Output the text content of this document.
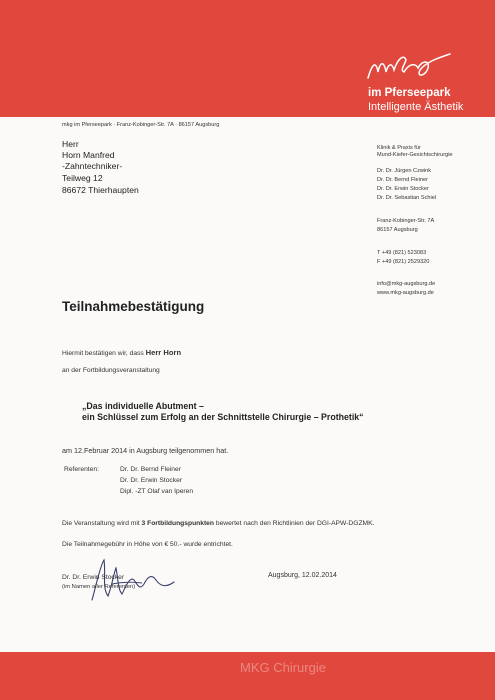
mkg
im Pferseepark
Intelligente Ästhetik
mkg im Pferseepark · Franz-Kobinger-Str. 7A · 86157 Augsburg
Herr
Horn Manfred
-Zahntechniker-
Teilweg 12
86672 Thierhaupten
Klinik & Praxis für
Mund-Kiefer-Gesichtschirurgie
Dr. Dr. Jürgen Czwink
Dr. Dr. Bernd Fleiner
Dr. Dr. Erwin Stocker
Dr. Dr. Sebastian Schiel
Franz-Kobinger-Str. 7A
86157 Augsburg
T +49 (821) 523083
F +49 (821) 2529320
info@mkg-augsburg.de
www.mkg-augsburg.de
Teilnahmebestätigung
Hiermit bestätigen wir, dass Herr Horn
an der Fortbildungsveranstaltung
„Das individuelle Abutment –
ein Schlüssel zum Erfolg an der Schnittstelle Chirurgie – Prothetik“
am 12.Februar 2014 in Augsburg teilgenommen hat.
Referenten:	Dr. Dr. Bernd Fleiner
Dr. Dr. Erwin Stocker
Dipl. -ZT Olaf van Iperen
Die Veranstaltung wird mit 3 Fortbildungspunkten bewertet nach den Richtlinien der DGI-APW-DGZMK.
Die Teilnahmegebühr in Höhe von € 50.- wurde entrichtet.
Dr. Dr. Erwin Stocker
(im Namen aller Referenten)
Augsburg, 12.02.2014
MKG Chirurgie
